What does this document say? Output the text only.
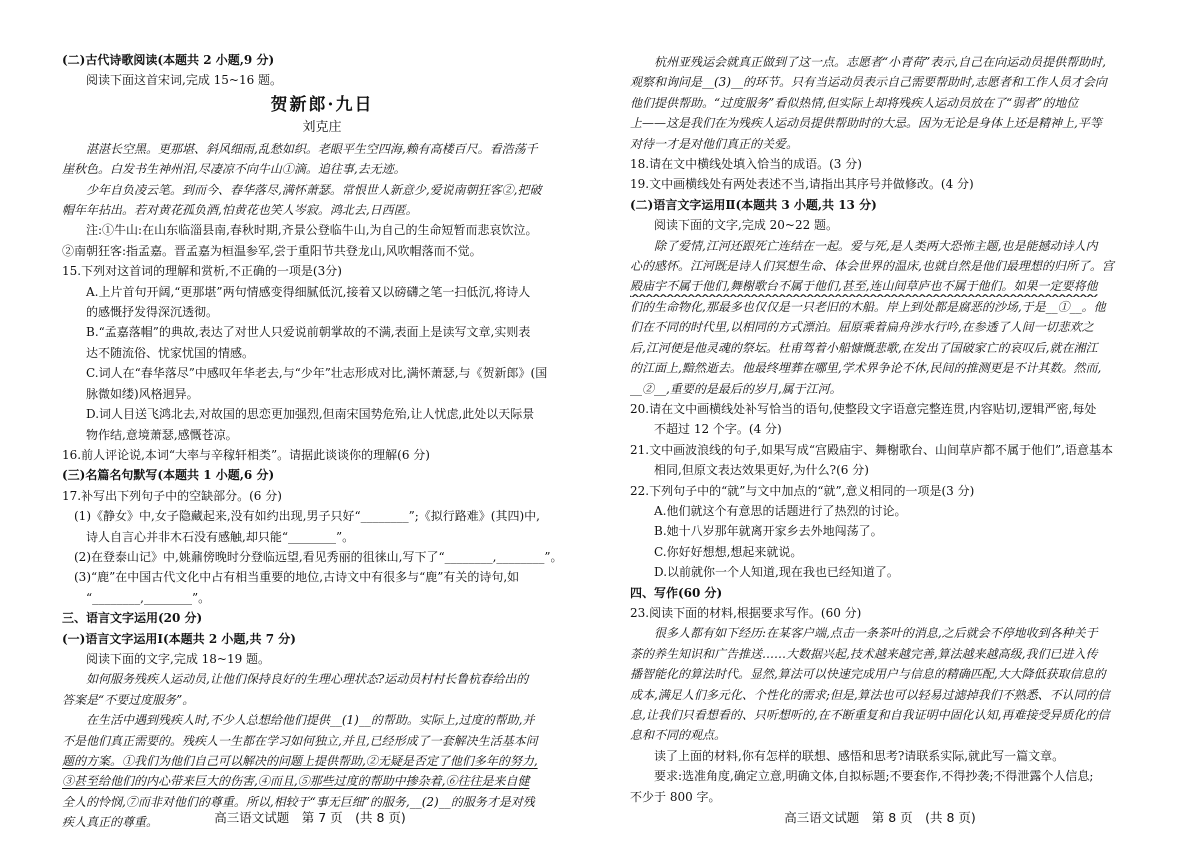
(二)古代诗歌阅读(本题共 2 小题,9 分)
阅读下面这首宋词,完成 15~16 题。
贺新郎·九日
刘克庄
湛湛长空黑。更那堪、斜风细雨,乱愁如织。老眼平生空四海,赖有高楼百尺。看浩荡千
崖秋色。白发书生神州泪,尽凄凉不向牛山①滴。追往事,去无迹。
少年自负凌云笔。到而今、春华落尽,满怀萧瑟。常恨世人新意少,爱说南朝狂客②,把破
帽年年拈出。若对黄花孤负酒,怕黄花也笑人岑寂。鸿北去,日西匿。
注:①牛山:在山东临淄县南,春秋时期,齐景公登临牛山,为自己的生命短暂而悲哀饮泣。
②南朝狂客:指孟嘉。晋孟嘉为桓温参军,尝于重阳节共登龙山,风吹帽落而不觉。
15.下列对这首词的理解和赏析,不正确的一项是(3分)
A.上片首句开阔,“更那堪”两句情感变得细腻低沉,接着又以磅礴之笔一扫低沉,将诗人
的感慨抒发得深沉透彻。
B.“孟嘉落帽”的典故,表达了对世人只爱说前朝掌故的不满,表面上是读写文章,实则表
达不随流俗、忧家忧国的情感。
C.词人在“春华落尽”中感叹年华老去,与“少年”壮志形成对比,满怀萧瑟,与《贺新郎》(国
脉微如缕)风格迥异。
D.词人目送飞鸿北去,对故国的思恋更加强烈,但南宋国势危殆,让人忧虑,此处以天际景
物作结,意境萧瑟,感慨苍凉。
16.前人评论说,本词“大率与辛稼轩相类”。请据此谈谈你的理解(6 分)
(三)名篇名句默写(本题共 1 小题,6 分)
17.补写出下列句子中的空缺部分。(6 分)
(1)《静女》中,女子隐藏起来,没有如约出现,男子只好“________”;《拟行路难》(其四)中,
诗人自言心并非木石没有感触,却只能“________”。
(2)在登泰山记》中,姚鼐傍晚时分登临远望,看见秀丽的徂徕山,写下了“________,________”。
(3)“鹿”在中国古代文化中占有相当重要的地位,古诗文中有很多与“鹿”有关的诗句,如
“________,________”。
三、语言文字运用(20 分)
(一)语言文字运用Ⅰ(本题共 2 小题,共 7 分)
阅读下面的文字,完成 18~19 题。
如何服务残疾人运动员,让他们保持良好的生理心理状态?运动员村村长鲁杭春给出的
答案是“不要过度服务”。
在生活中遇到残疾人时,不少人总想给他们提供__(1)__的帮助。实际上,过度的帮助,并
不是他们真正需要的。残疾人一生都在学习如何独立,并且,已经形成了一套解决生活基本问
题的方案。①我们为他们自己可以解决的问题上提供帮助,②无疑是否定了他们多年的努力,
③甚至给他们的内心带来巨大的伤害,④而且,⑤那些过度的帮助中掺杂着,⑥往往是来自健
全人的怜悯,⑦而非对他们的尊重。所以,相较于“事无巨细”的服务,__(2)__的服务才是对残
疾人真正的尊重。	高三语文试题　第 7 页　(共 8 页)
杭州亚残运会就真正做到了这一点。志愿者“小青荷”表示,自己在向运动员提供帮助时,
观察和询问是__(3)__的环节。只有当运动员表示自己需要帮助时,志愿者和工作人员才会向
他们提供帮助。“过度服务”看似热情,但实际上却将残疾人运动员放在了“弱者”的地位
上——这是我们在为残疾人运动员提供帮助时的大忌。因为无论是身体上还是精神上,平等
对待一才是对他们真正的关爱。
18.请在文中横线处填入恰当的成语。(3 分)
19.文中画横线处有两处表述不当,请指出其序号并做修改。(4 分)
(二)语言文字运用Ⅱ(本题共 3 小题,共 13 分)
阅读下面的文字,完成 20~22 题。
除了爱情,江河还跟死亡连结在一起。爱与死,是人类两大恐怖主题,也是能撼动诗人内
心的感怀。江河既是诗人们冥想生命、体会世界的温床,也就自然是他们最理想的归所了。宫
殿庙宇不属于他们,舞榭歌台不属于他们,甚至,连山间草庐也不属于他们。如果一定要将他
们的生命物化,那最多也仅仅是一只老旧的木船。岸上到处都是腐恶的沙场,于是__①__。他
们在不同的时代里,以相同的方式漂泊。屈原乘着扁舟涉水行吟,在参透了人间一切悲欢之
后,江河便是他灵魂的祭坛。杜甫驾着小船慷慨悲歌,在发出了国破家亡的哀叹后,就在湘江
的江面上,黯然逝去。他最终埋葬在哪里,学术界争论不休,民间的推测更是不计其数。然而,
__②__,重要的是最后的岁月,属于江河。
20.请在文中画横线处补写恰当的语句,使整段文字语意完整连贯,内容贴切,逻辑严密,每处
不超过 12 个字。(4 分)
21.文中画波浪线的句子,如果写成“宫殿庙宇、舞榭歌台、山间草庐都不属于他们”,语意基本
相同,但原文表达效果更好,为什么?(6 分)
22.下列句子中的“就”与文中加点的“就”,意义相同的一项是(3 分)
A.他们就这个有意思的话题进行了热烈的讨论。
B.她十八岁那年就离开家乡去外地闯荡了。
C.你好好想想,想起来就说。
D.以前就你一个人知道,现在我也已经知道了。
四、写作(60 分)
23.阅读下面的材料,根据要求写作。(60 分)
很多人都有如下经历:在某客户端,点击一条茶叶的消息,之后就会不停地收到各种关于
茶的养生知识和广告推送……大数据兴起,技术越来越完善,算法越来越高级,我们已进入传
播智能化的算法时代。显然,算法可以快速完成用户与信息的精确匹配,大大降低获取信息的
成本,满足人们多元化、个性化的需求;但是,算法也可以轻易过滤掉我们不熟悉、不认同的信
息,让我们只看想看的、只听想听的,在不断重复和自我证明中固化认知,再难接受异质化的信
息和不同的观点。
读了上面的材料,你有怎样的联想、感悟和思考?请联系实际,就此写一篇文章。
要求:选准角度,确定立意,明确文体,自拟标题;不要套作,不得抄袭;不得泄露个人信息;
不少于 800 字。
高三语文试题　第 8 页　(共 8 页)
